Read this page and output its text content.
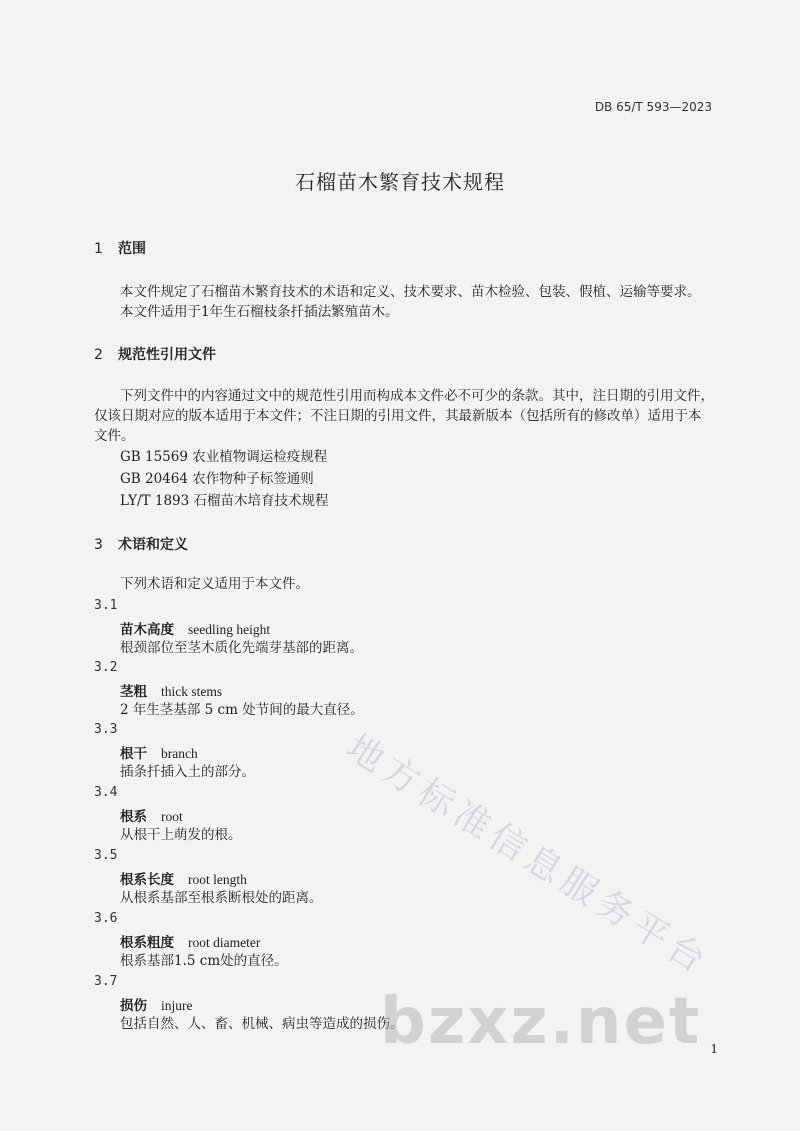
DB 65/T 593—2023
石榴苗木繁育技术规程
1 范围
本文件规定了石榴苗木繁育技术的术语和定义、技术要求、苗木检验、包装、假植、运输等要求。
本文件适用于1年生石榴枝条扦插法繁殖苗木。
2 规范性引用文件
下列文件中的内容通过文中的规范性引用而构成本文件必不可少的条款。其中，注日期的引用文件，
仅该日期对应的版本适用于本文件；不注日期的引用文件，其最新版本（包括所有的修改单）适用于本
文件。
GB 15569 农业植物调运检疫规程
GB 20464 农作物种子标签通则
LY/T 1893 石榴苗木培育技术规程
3 术语和定义
下列术语和定义适用于本文件。
3.1
苗木高度 seedling height
根颈部位至茎木质化先端芽基部的距离。
3.2
茎粗 thick stems
2 年生茎基部 5 cm 处节间的最大直径。
3.3
根干 branch
插条扦插入土的部分。
3.4
根系 root
从根干上萌发的根。
3.5
根系长度 root length
从根系基部至根系断根处的距离。
3.6
根系粗度 root diameter
根系基部1.5 cm处的直径。
3.7
损伤 injure
包括自然、人、畜、机械、病虫等造成的损伤。
1
地方标准信息服务平台
bzxz.net
